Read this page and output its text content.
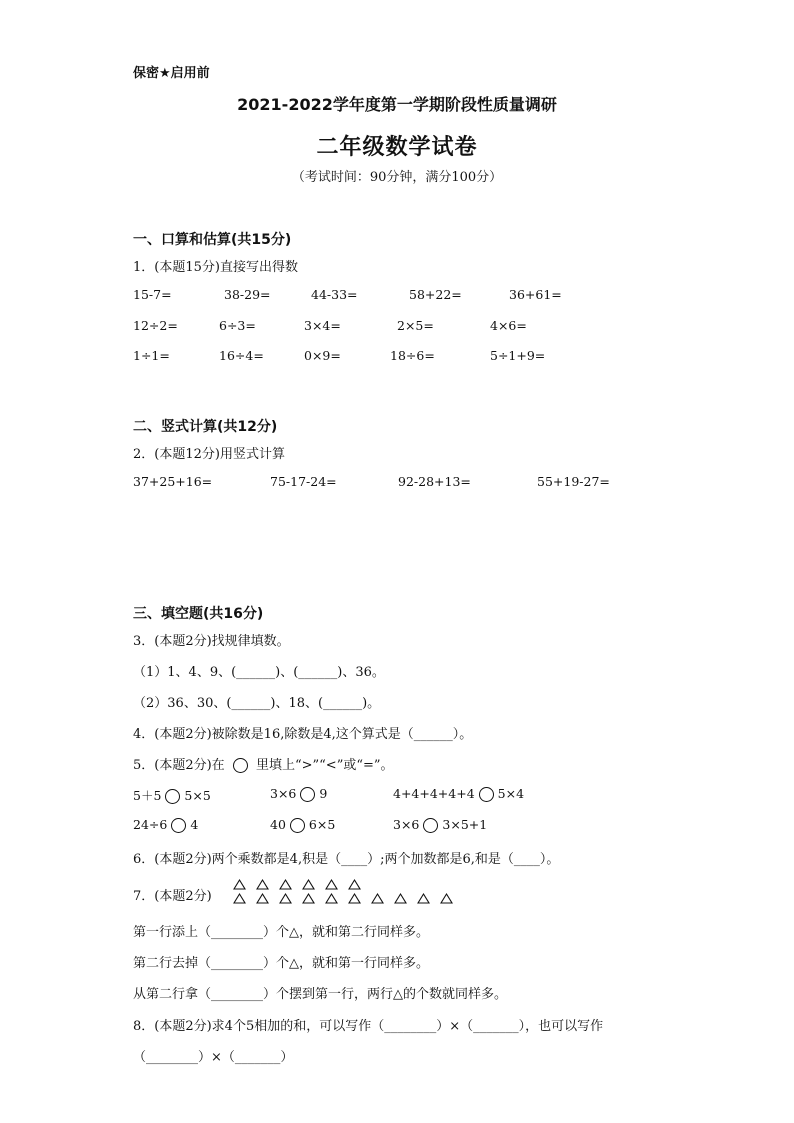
保密★启用前
2021-2022学年度第一学期阶段性质量调研
二年级数学试卷
（考试时间：90分钟，满分100分）
一、口算和估算(共15分)
1．(本题15分)直接写出得数
15-7=	38-29=	44-33=	58+22=	36+61=
12÷2=	6÷3=	3×4=	2×5=	4×6=
1÷1=	16÷4=	0×9=	18÷6=	5÷1+9=
二、竖式计算(共12分)
2．(本题12分)用竖式计算
37+25+16=	75-17-24=	92-28+13=	55+19-27=
三、填空题(共16分)
3．(本题2分)找规律填数。
（1）1、4、9、(______)、(______)、36。
（2）36、30、(______)、18、(______)。
4．(本题2分)被除数是16,除数是4,这个算式是（______）。
5．(本题2分)在 里填上“>”“<”或“=”。
5＋5 5×5	3×6 9	4+4+4+4+4 5×4
24÷6 4	40 6×5	3×6 3×5+1
6．(本题2分)两个乘数都是4,积是（____）;两个加数都是6,和是（____）。
7．(本题2分)
第一行添上（________）个△，就和第二行同样多。
第二行去掉（________）个△，就和第一行同样多。
从第二行拿（________）个摆到第一行，两行△的个数就同样多。
8．(本题2分)求4个5相加的和，可以写作（________）×（_______），也可以写作
（________）×（_______）
